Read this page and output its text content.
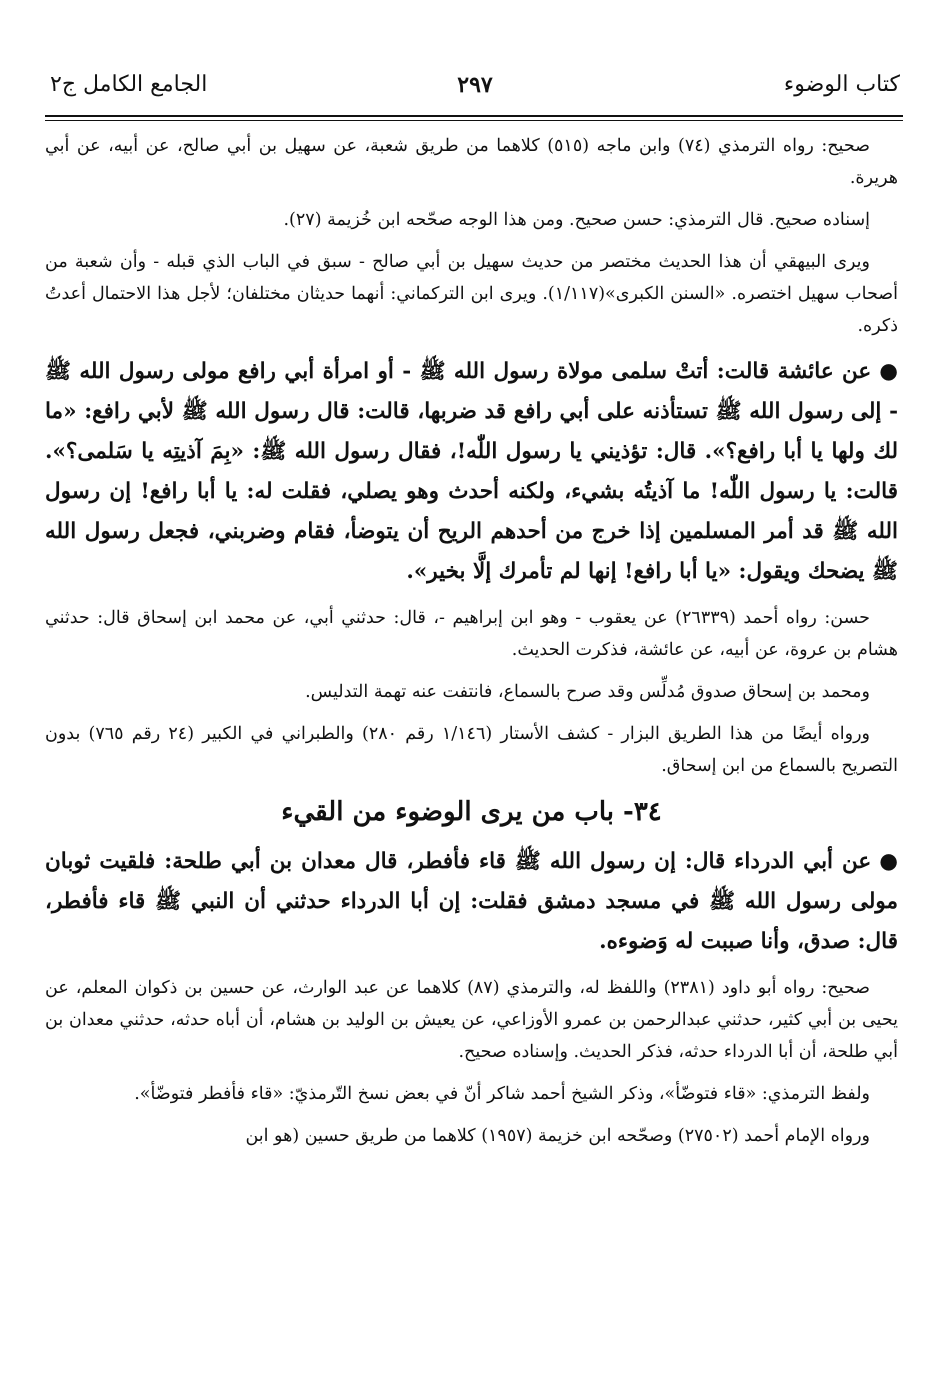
كتاب الوضوء
٢٩٧
الجامع الكامل ج٢

صحيح: رواه الترمذي (٧٤) وابن ماجه (٥١٥) كلاهما من طريق شعبة، عن سهيل بن أبي صالح، عن أبيه، عن أبي هريرة.

إسناده صحيح. قال الترمذي: حسن صحيح. ومن هذا الوجه صحّحه ابن خُزيمة (٢٧).

ويرى البيهقي أن هذا الحديث مختصر من حديث سهيل بن أبي صالح - سبق في الباب الذي قبله - وأن شعبة من أصحاب سهيل اختصره. «السنن الكبرى»(١/١١٧). ويرى ابن التركماني: أنهما حديثان مختلفان؛ لأجل هذا الاحتمال أعدتُ ذكره.

●عن عائشة قالت: أتتْ سلمى مولاة رسول الله ﷺ - أو امرأة أبي رافع مولى رسول الله ﷺ - إلى رسول الله ﷺ تستأذنه على أبي رافع قد ضربها، قالت: قال رسول الله ﷺ لأبي رافع: «ما لك ولها يا أبا رافع؟». قال: تؤذيني يا رسول اللّٰه!، فقال رسول الله ﷺ: «بِمَ آذيتِه يا سَلمى؟». قالت: يا رسول اللّٰه! ما آذيتُه بشيء، ولكنه أحدث وهو يصلي، فقلت له: يا أبا رافع! إن رسول الله ﷺ قد أمر المسلمين إذا خرج من أحدهم الريح أن يتوضأ، فقام وضربني، فجعل رسول الله ﷺ يضحك ويقول: «يا أبا رافع! إنها لم تأمرك إلَّا بخير».

حسن: رواه أحمد (٢٦٣٣٩) عن يعقوب - وهو ابن إبراهيم -، قال: حدثني أبي، عن محمد ابن إسحاق قال: حدثني هشام بن عروة، عن أبيه، عن عائشة، فذكرت الحديث.

ومحمد بن إسحاق صدوق مُدلِّس وقد صرح بالسماع، فانتفت عنه تهمة التدليس.

ورواه أيضًا من هذا الطريق البزار - كشف الأستار (١/١٤٦ رقم ٢٨٠) والطبراني في الكبير (٢٤ رقم ٧٦٥) بدون التصريح بالسماع من ابن إسحاق.

٣٤- باب من يرى الوضوء من القيء

●عن أبي الدرداء قال: إن رسول الله ﷺ قاء فأفطر، قال معدان بن أبي طلحة: فلقيت ثوبان مولى رسول الله ﷺ في مسجد دمشق فقلت: إن أبا الدرداء حدثني أن النبي ﷺ قاء فأفطر، قال: صدق، وأنا صببت له وَضوءه.

صحيح: رواه أبو داود (٢٣٨١) واللفظ له، والترمذي (٨٧) كلاهما عن عبد الوارث، عن حسين بن ذكوان المعلم، عن يحيى بن أبي كثير، حدثني عبدالرحمن بن عمرو الأوزاعي، عن يعيش بن الوليد بن هشام، أن أباه حدثه، حدثني معدان بن أبي طلحة، أن أبا الدرداء حدثه، فذكر الحديث. وإسناده صحيح.

ولفظ الترمذي: «قاء فتوضّأ»، وذكر الشيخ أحمد شاكر أنّ في بعض نسخ التّرمذيّ: «قاء فأفطر فتوضّأ».

ورواه الإمام أحمد (٢٧٥٠٢) وصحّحه ابن خزيمة (١٩٥٧) كلاهما من طريق حسين (هو ابن
